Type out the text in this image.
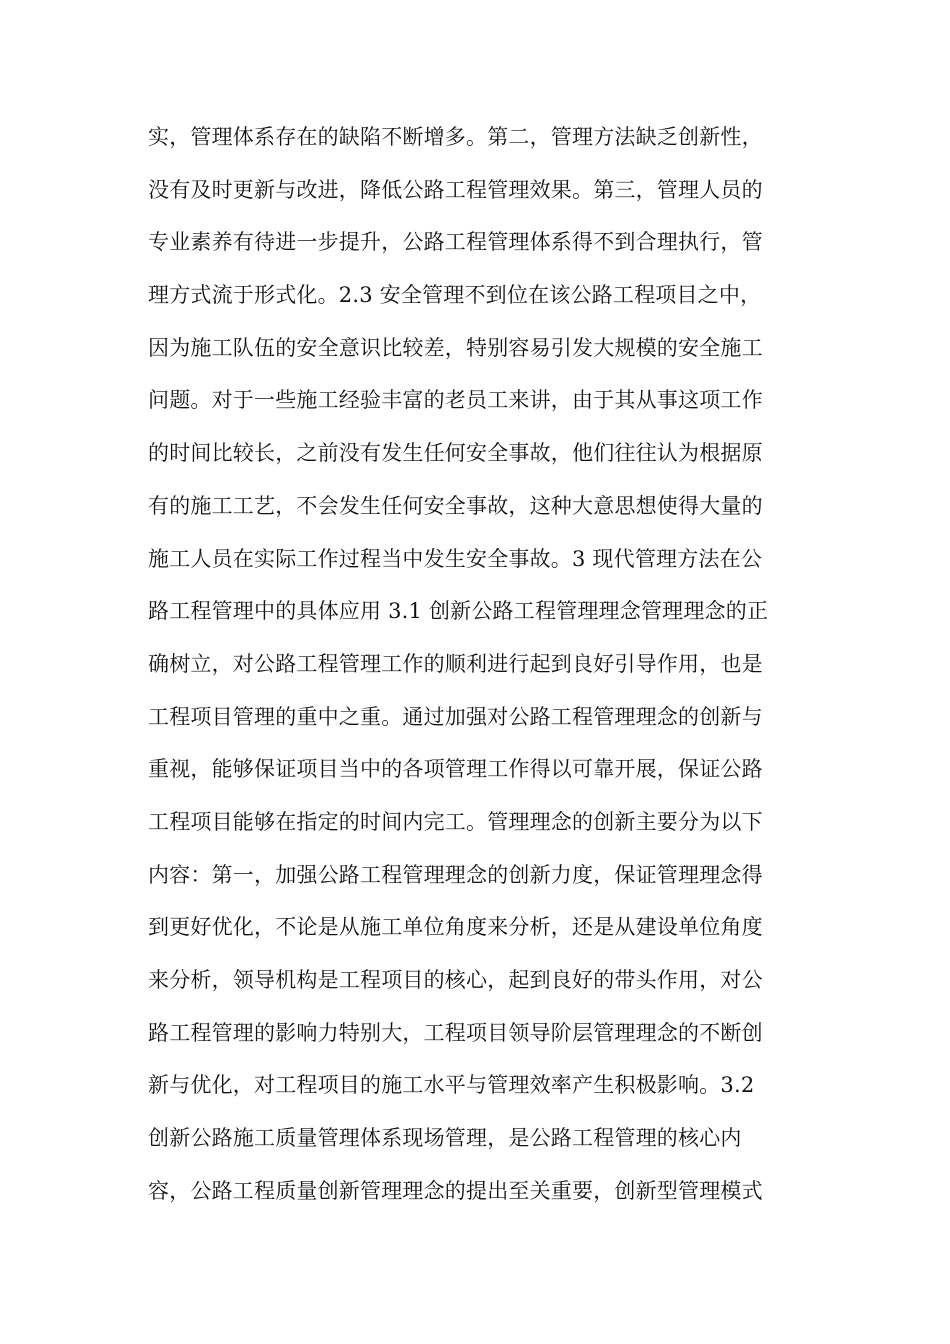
实，管理体系存在的缺陷不断增多。第二，管理方法缺乏创新性，
没有及时更新与改进，降低公路工程管理效果。第三，管理人员的
专业素养有待进一步提升，公路工程管理体系得不到合理执行，管
理方式流于形式化。2.3 安全管理不到位在该公路工程项目之中，
因为施工队伍的安全意识比较差，特别容易引发大规模的安全施工
问题。对于一些施工经验丰富的老员工来讲，由于其从事这项工作
的时间比较长，之前没有发生任何安全事故，他们往往认为根据原
有的施工工艺，不会发生任何安全事故，这种大意思想使得大量的
施工人员在实际工作过程当中发生安全事故。3 现代管理方法在公
路工程管理中的具体应用 3.1 创新公路工程管理理念管理理念的正
确树立，对公路工程管理工作的顺利进行起到良好引导作用，也是
工程项目管理的重中之重。通过加强对公路工程管理理念的创新与
重视，能够保证项目当中的各项管理工作得以可靠开展，保证公路
工程项目能够在指定的时间内完工。管理理念的创新主要分为以下
内容：第一，加强公路工程管理理念的创新力度，保证管理理念得
到更好优化，不论是从施工单位角度来分析，还是从建设单位角度
来分析，领导机构是工程项目的核心，起到良好的带头作用，对公
路工程管理的影响力特别大，工程项目领导阶层管理理念的不断创
新与优化，对工程项目的施工水平与管理效率产生积极影响。3.2
创新公路施工质量管理体系现场管理，是公路工程管理的核心内
容，公路工程质量创新管理理念的提出至关重要，创新型管理模式
